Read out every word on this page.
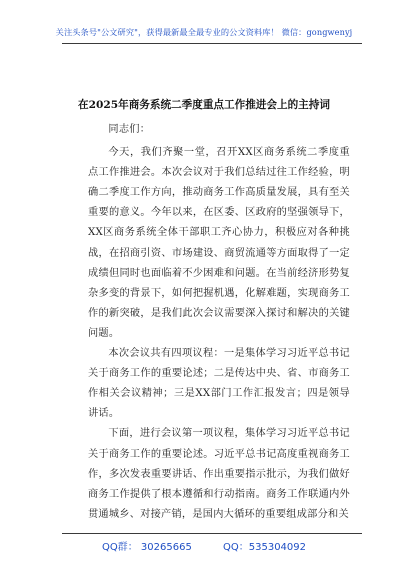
关注头条号"公文研究"，获得最新最全最专业的公文资料库！ 微信：gongwenyj
在2025年商务系统二季度重点工作推进会上的主持词

同志们：

今天，我们齐聚一堂，召开XX区商务系统二季度重点工作推进会。本次会议对于我们总结过往工作经验，明确二季度工作方向，推动商务工作高质量发展，具有至关重要的意义。今年以来，在区委、区政府的坚强领导下，XX区商务系统全体干部职工齐心协力，积极应对各种挑战，在招商引资、市场建设、商贸流通等方面取得了一定成绩但同时也面临着不少困难和问题。在当前经济形势复杂多变的背景下，如何把握机遇，化解难题，实现商务工作的新突破，是我们此次会议需要深入探讨和解决的关键问题。

本次会议共有四项议程：一是集体学习习近平总书记关于商务工作的重要论述；二是传达中央、省、市商务工作相关会议精神；三是XX部门工作汇报发言；四是领导讲话。

下面，进行会议第一项议程，集体学习习近平总书记关于商务工作的重要论述。习近平总书记高度重视商务工作，多次发表重要讲话、作出重要指示批示，为我们做好商务工作提供了根本遵循和行动指南。商务工作联通内外贯通城乡、对接产销，是国内大循环的重要组成部分和关

QQ群： 30265665	QQ：535304092
